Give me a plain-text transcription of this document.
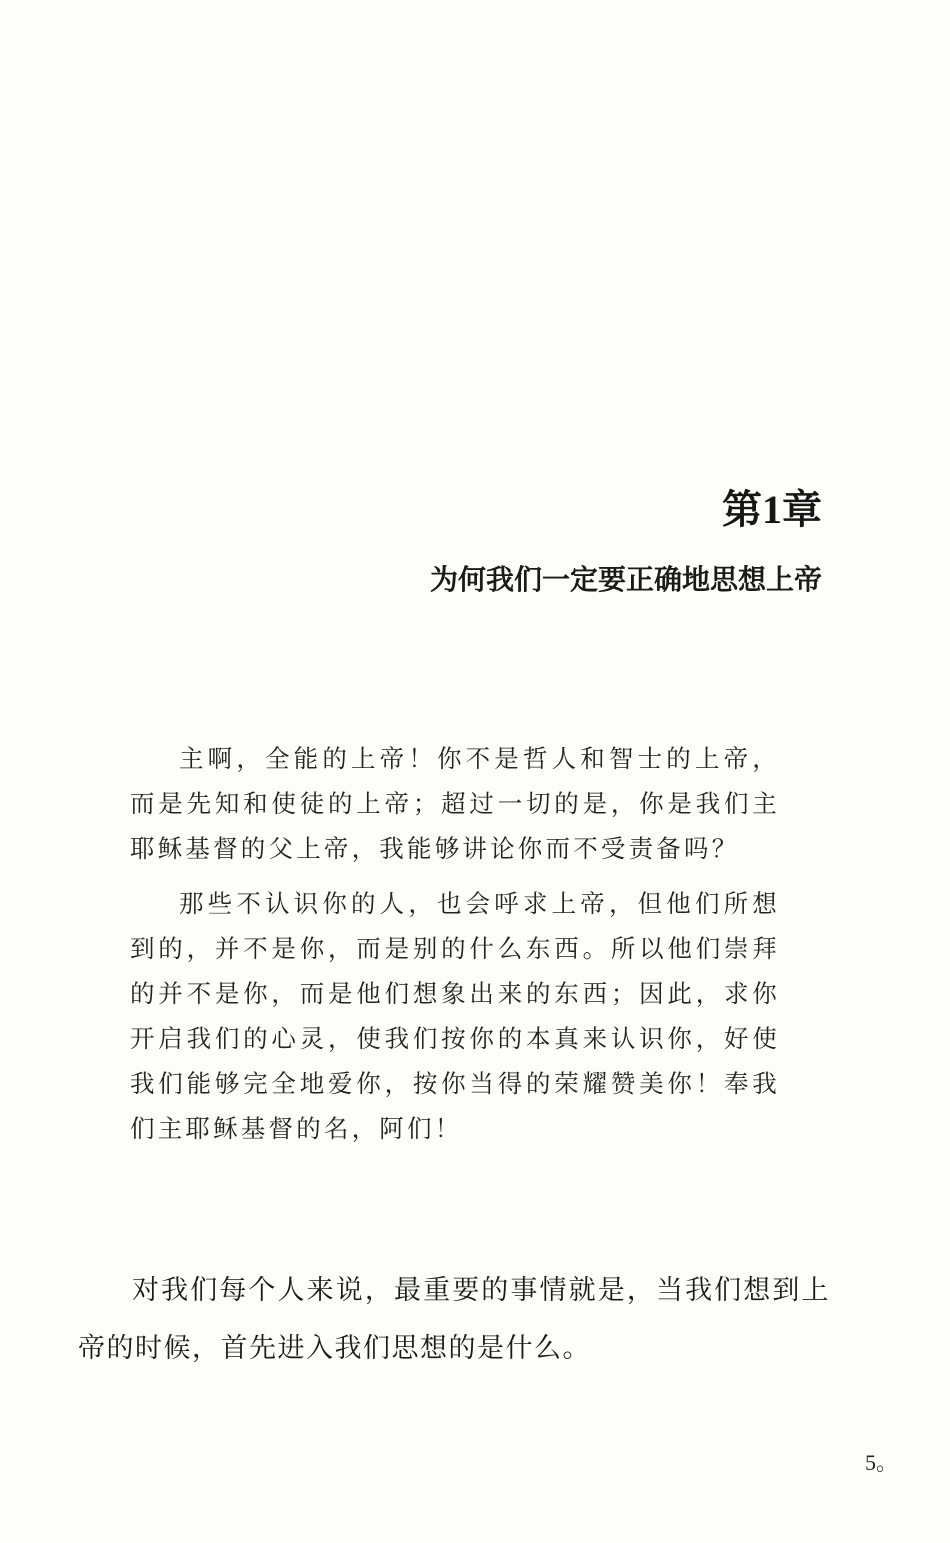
第1章
为何我们一定要正确地思想上帝

主啊，全能的上帝！你不是哲人和智士的上帝，而是先知和使徒的上帝；超过一切的是，你是我们主耶稣基督的父上帝，我能够讲论你而不受责备吗？

那些不认识你的人，也会呼求上帝，但他们所想到的，并不是你，而是别的什么东西。所以他们崇拜的并不是你，而是他们想象出来的东西；因此，求你开启我们的心灵，使我们按你的本真来认识你，好使我们能够完全地爱你，按你当得的荣耀赞美你！奉我们主耶稣基督的名，阿们！

对我们每个人来说，最重要的事情就是，当我们想到上帝的时候，首先进入我们思想的是什么。

5。
